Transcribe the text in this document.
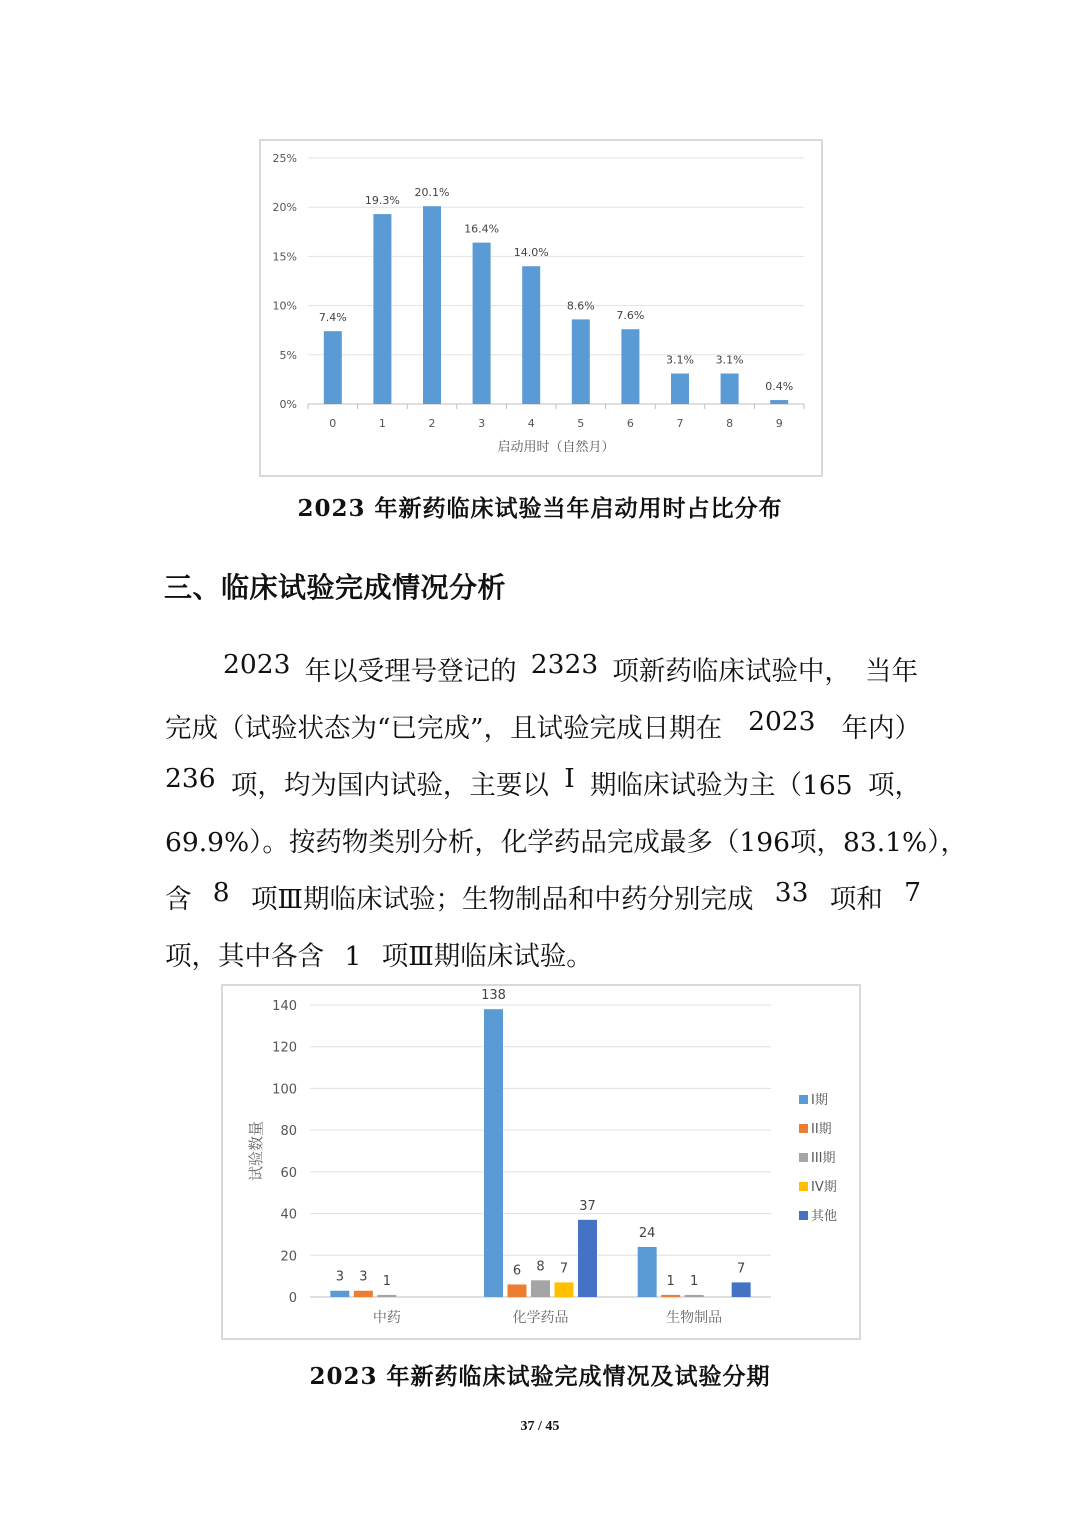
0%
5%
10%
15%
20%
25%
7.4%
0
19.3%
1
20.1%
2
16.4%
3
14.0%
4
8.6%
5
7.6%
6
3.1%
7
3.1%
8
0.4%
9
启动用时（自然月）
2023 年新药临床试验当年启动用时占比分布
三、临床试验完成情况分析
2023 年以受理号登记的 2323 项新药临床试验中， 当年
完成（试验状态为“已完成”，且试验完成日期在 2023 年内）
236 项，均为国内试验，主要以 I 期临床试验为主（165 项，
69.9%）。按药物类别分析，化学药品完成最多（196 项，83.1%），
含 8 项Ⅲ期临床试验；生物制品和中药分别完成 33 项和 7
项，其中各含 1 项Ⅲ期临床试验。
0
20
40
60
80
100
120
140
试验数量
3 3 1
中药
138
6 8 7
37
化学药品
24
1 1
7
生物制品
I期
II期
III期
IV期
其他
2023 年新药临床试验完成情况及试验分期
37 / 45
